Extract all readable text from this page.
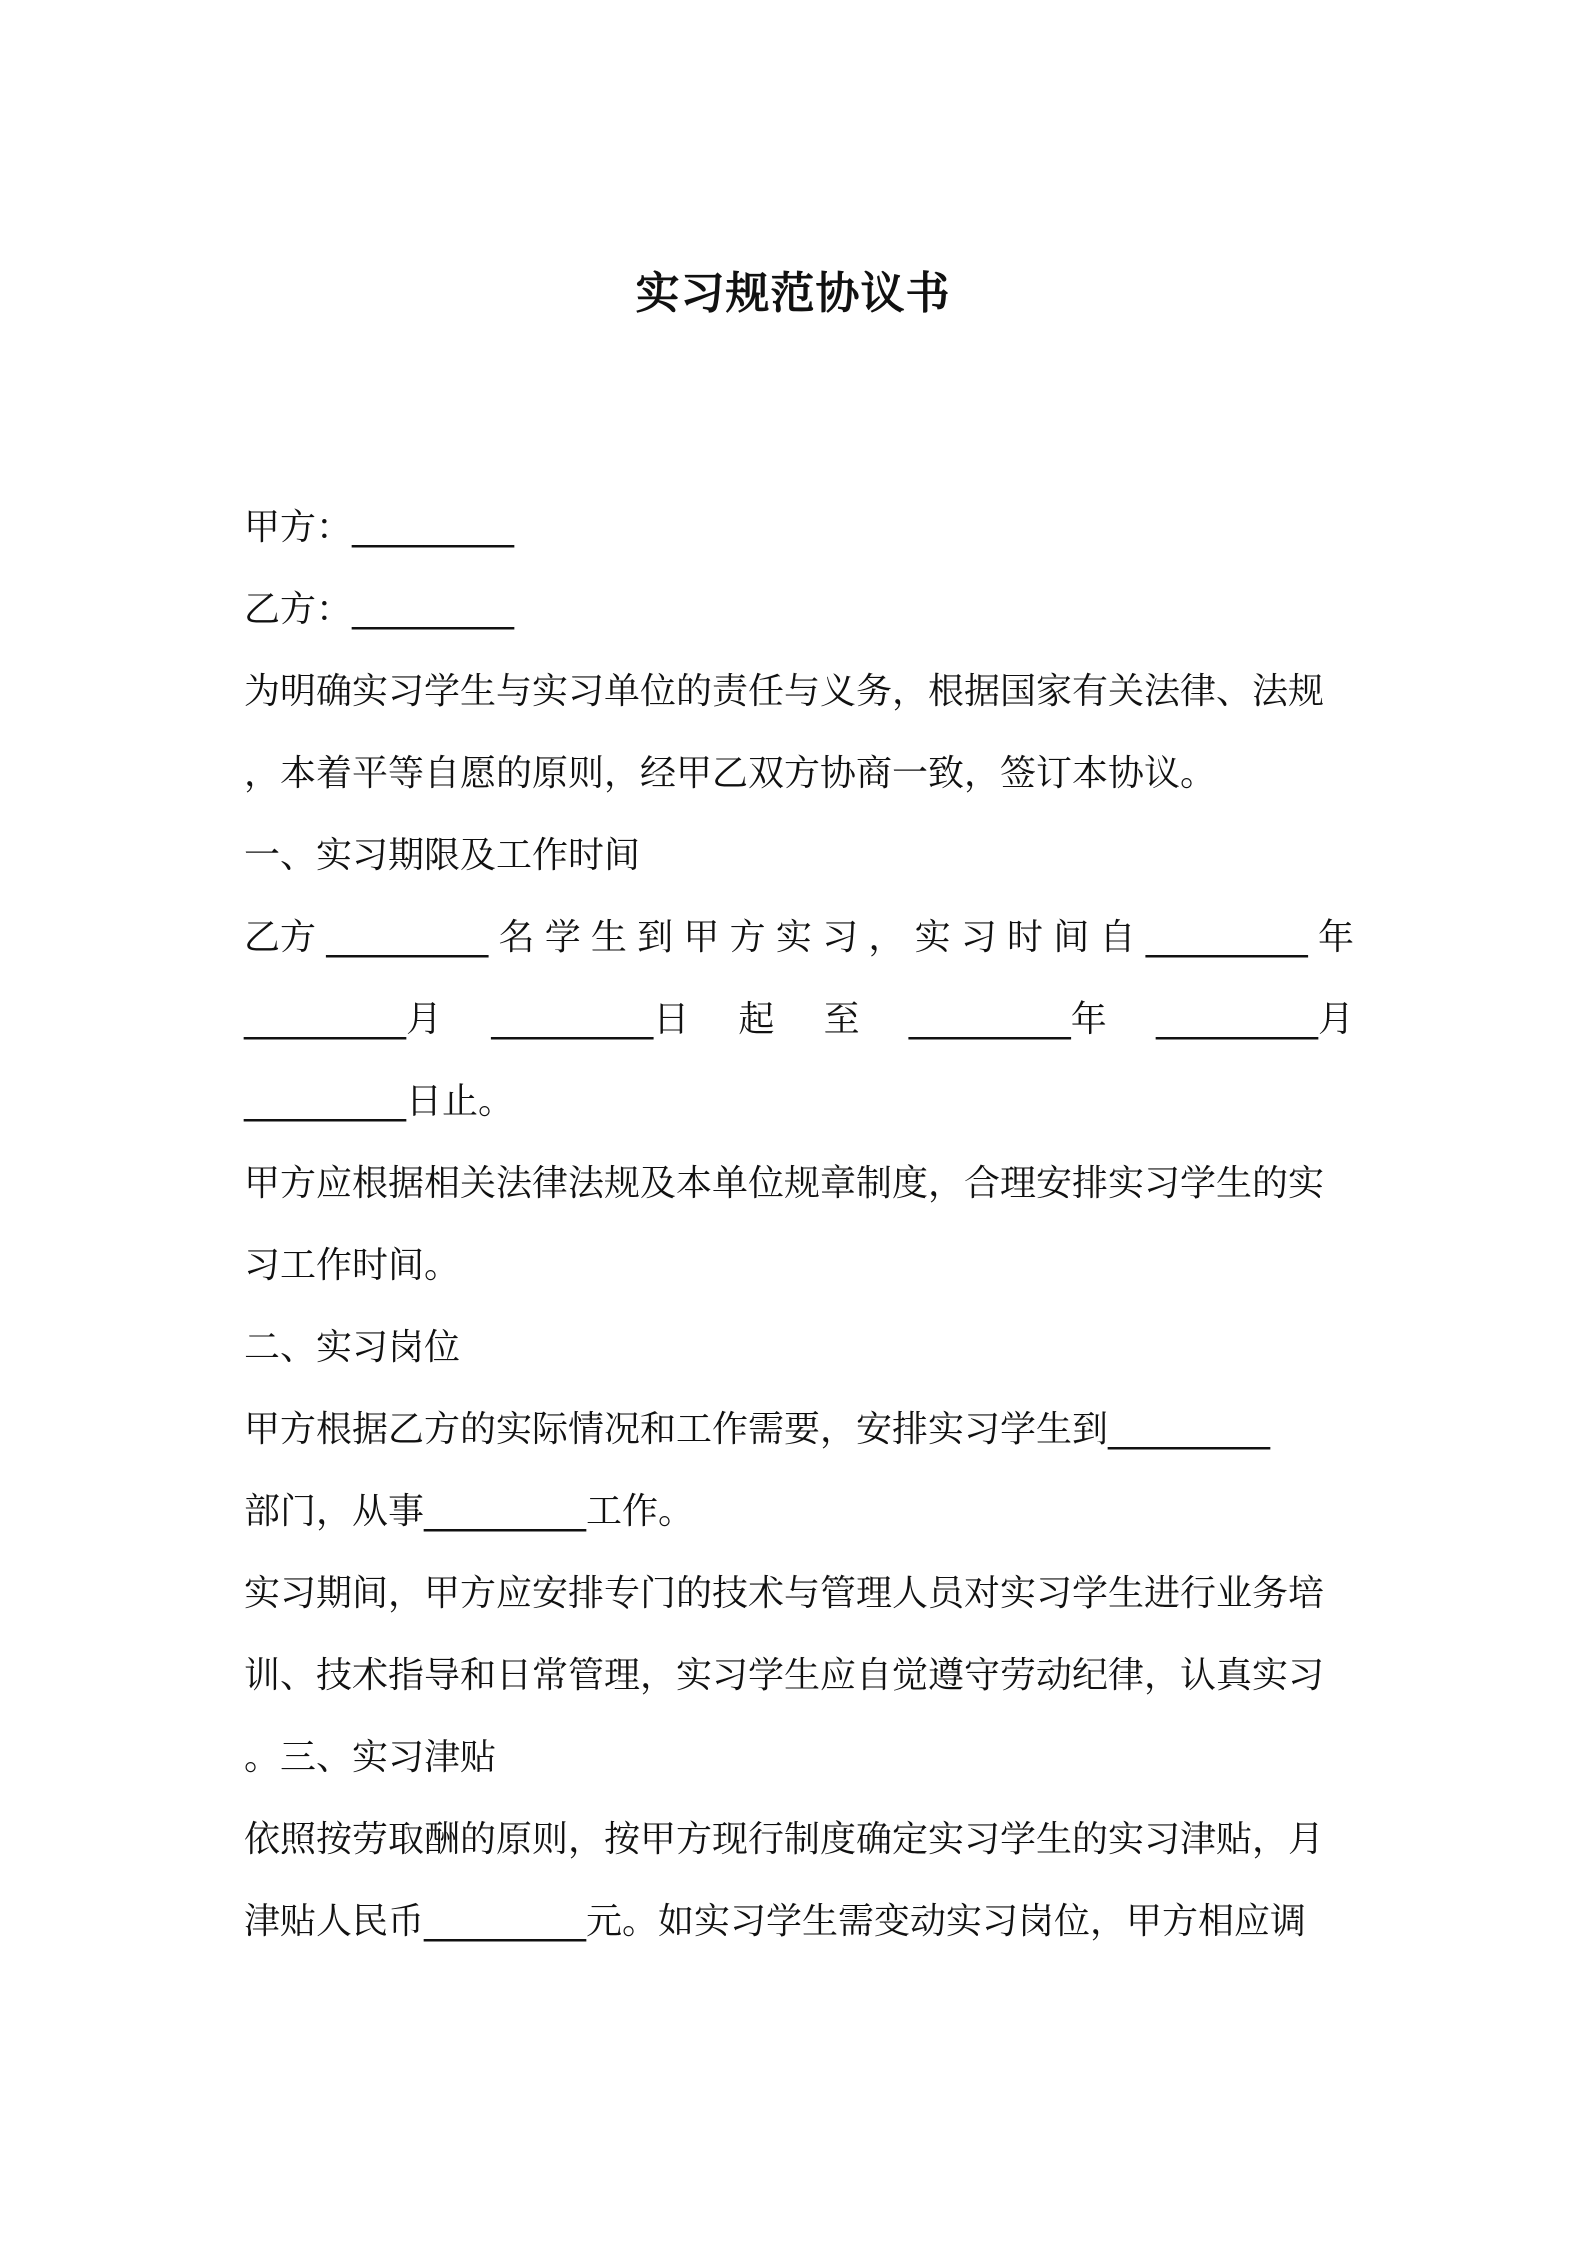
实习规范协议书
甲方：_________
乙方：_________
为明确实习学生与实习单位的责任与义务，根据国家有关法律、法规
，本着平等自愿的原则，经甲乙双方协商一致，签订本协议。
一、实习期限及工作时间
乙方 _________ 名 学 生 到 甲 方 实 习 ， 实 习 时 间 自 _________ 年
_________月 _________日 起 至 _________年 _________月
_________日止。
甲方应根据相关法律法规及本单位规章制度，合理安排实习学生的实
习工作时间。
二、实习岗位
甲方根据乙方的实际情况和工作需要，安排实习学生到_________
部门，从事_________工作。
实习期间，甲方应安排专门的技术与管理人员对实习学生进行业务培
训、技术指导和日常管理，实习学生应自觉遵守劳动纪律，认真实习
。三、实习津贴
依照按劳取酬的原则，按甲方现行制度确定实习学生的实习津贴，月
津贴人民币_________元。如实习学生需变动实习岗位，甲方相应调
